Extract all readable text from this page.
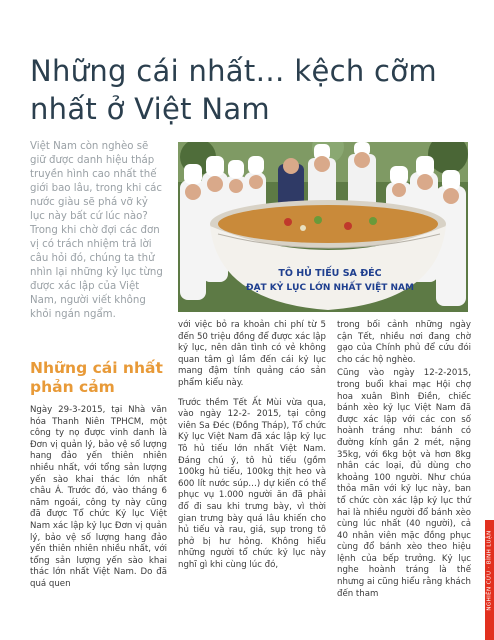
Những cái nhất… kệch cỡm nhất ở Việt Nam

Việt Nam còn nghèo sẽ giữ được danh hiệu tháp truyền hình cao nhất thế giới bao lâu, trong khi các nước giàu sẽ phá vỡ kỷ lục này bất cứ lúc nào? Trong khi chờ đợi các đơn vị có trách nhiệm trả lời câu hỏi đó, chúng ta thử nhìn lại những kỷ lục từng được xác lập của Việt Nam, người viết không khỏi ngán ngẩm.

Những cái nhất phản cảm

Ngày 29-3-2015, tại Nhà văn hóa Thanh Niên TPHCM, một công ty nọ được vinh danh là Đơn vị quản lý, bảo vệ số lượng hang đảo yến thiên nhiên nhiều nhất, với tổng sản lượng yến sào khai thác lớn nhất châu Á. Trước đó, vào tháng 6 năm ngoái, công ty này cũng đã được Tổ chức Kỷ lục Việt Nam xác lập kỷ lục Đơn vị quản lý, bảo vệ số lượng hang đảo yến thiên nhiên nhiều nhất, với tổng sản lượng yến sào khai thác lớn nhất Việt Nam. Do đã quá quen

TÔ HỦ TIẾU SA ĐÉC
ĐẠT KỶ LỤC LỚN NHẤT VIỆT NAM

với việc bỏ ra khoản chi phí từ 5 đến 50 triệu đồng để được xác lập kỷ lục, nên dân tình có vẻ không quan tâm gì lắm đến cái kỷ lục mang đậm tính quảng cáo sản phẩm kiểu này.

Trước thềm Tết Ất Mùi vừa qua, vào ngày 12-2- 2015, tại công viên Sa Đéc (Đồng Tháp), Tổ chức Kỷ lục Việt Nam đã xác lập kỷ lục Tô hủ tiếu lớn nhất Việt Nam. Đáng chú ý, tô hủ tiếu (gồm 100kg hủ tiếu, 100kg thịt heo và 600 lít nước súp…) dự kiến có thể phục vụ 1.000 người ăn đã phải đổ đi sau khi trưng bày, vì thời gian trưng bày quá lâu khiến cho hủ tiếu và rau, giá, sụp trong tô phở bị hư hỏng. Không hiểu những người tổ chức kỷ lục này nghĩ gì khi cùng lúc đó,

trong bối cảnh những ngày cận Tết, nhiều nơi đang chờ gạo của Chính phủ để cứu đói cho các hộ nghèo.

Cũng vào ngày 12-2-2015, trong buổi khai mạc Hội chợ hoa xuân Bình Điền, chiếc bánh xèo kỷ lục Việt Nam đã được xác lập với các con số hoành tráng như: bánh có đường kính gần 2 mét, nặng 35kg, với 6kg bột và hơn 8kg nhân các loại, đủ dùng cho khoảng 100 người. Như chúa thỏa mãn với kỷ lục này, ban tổ chức còn xác lập kỷ lục thứ hai là nhiều người đổ bánh xèo cùng lúc nhất (40 người), cả 40 nhân viên mặc đồng phục cùng đổ bánh xèo theo hiệu lệnh của bếp trưởng. Kỷ lục nghe hoành tráng là thế nhưng ai cũng hiểu rằng khách đến tham	NGHIÊN CỨU · BÌNH LUẬN
